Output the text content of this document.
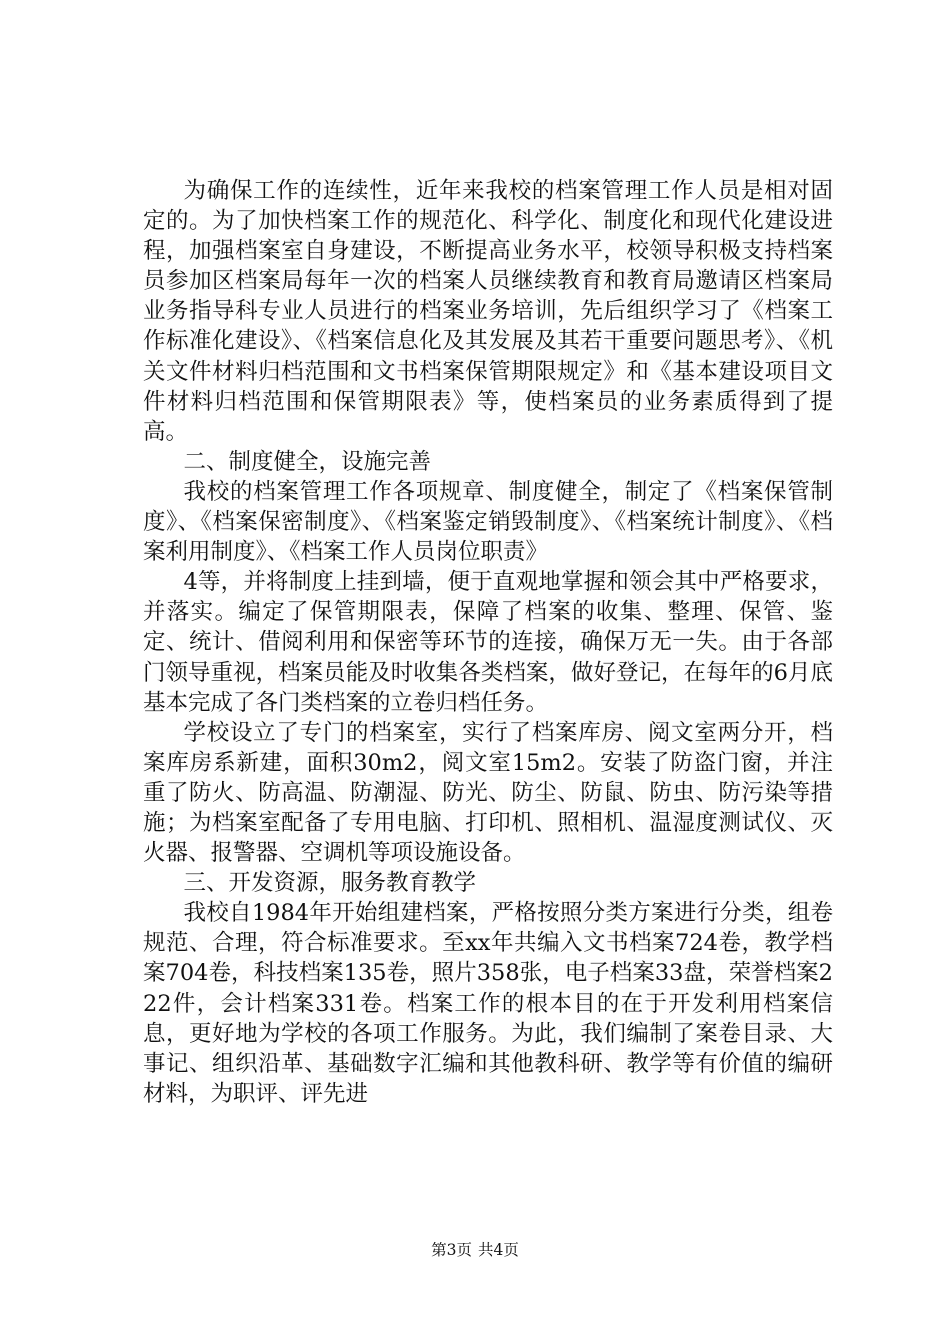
为确保工作的连续性，近年来我校的档案管理工作人员是相对固定的。为了加快档案工作的规范化、科学化、制度化和现代化建设进程，加强档案室自身建设，不断提高业务水平，校领导积极支持档案员参加区档案局每年一次的档案人员继续教育和教育局邀请区档案局业务指导科专业人员进行的档案业务培训，先后组织学习了《档案工作标准化建设》、《档案信息化及其发展及其若干重要问题思考》、《机关文件材料归档范围和文书档案保管期限规定》和《基本建设项目文件材料归档范围和保管期限表》等，使档案员的业务素质得到了提高。

二、制度健全，设施完善

我校的档案管理工作各项规章、制度健全，制定了《档案保管制度》、《档案保密制度》、《档案鉴定销毁制度》、《档案统计制度》、《档案利用制度》、《档案工作人员岗位职责》

4等，并将制度上挂到墙，便于直观地掌握和领会其中严格要求，并落实。编定了保管期限表，保障了档案的收集、整理、保管、鉴定、统计、借阅利用和保密等环节的连接，确保万无一失。由于各部门领导重视，档案员能及时收集各类档案，做好登记，在每年的6月底基本完成了各门类档案的立卷归档任务。

学校设立了专门的档案室，实行了档案库房、阅文室两分开，档案库房系新建，面积30m2，阅文室15m2。安装了防盗门窗，并注重了防火、防高温、防潮湿、防光、防尘、防鼠、防虫、防污染等措施；为档案室配备了专用电脑、打印机、照相机、温湿度测试仪、灭火器、报警器、空调机等项设施设备。

三、开发资源，服务教育教学

我校自1984年开始组建档案，严格按照分类方案进行分类，组卷规范、合理，符合标准要求。至xx年共编入文书档案724卷，教学档案704卷，科技档案135卷，照片358张，电子档案33盘，荣誉档案222件，会计档案331卷。档案工作的根本目的在于开发利用档案信息，更好地为学校的各项工作服务。为此，我们编制了案卷目录、大事记、组织沿革、基础数字汇编和其他教科研、教学等有价值的编研材料，为职评、评先进

第3页 共4页
